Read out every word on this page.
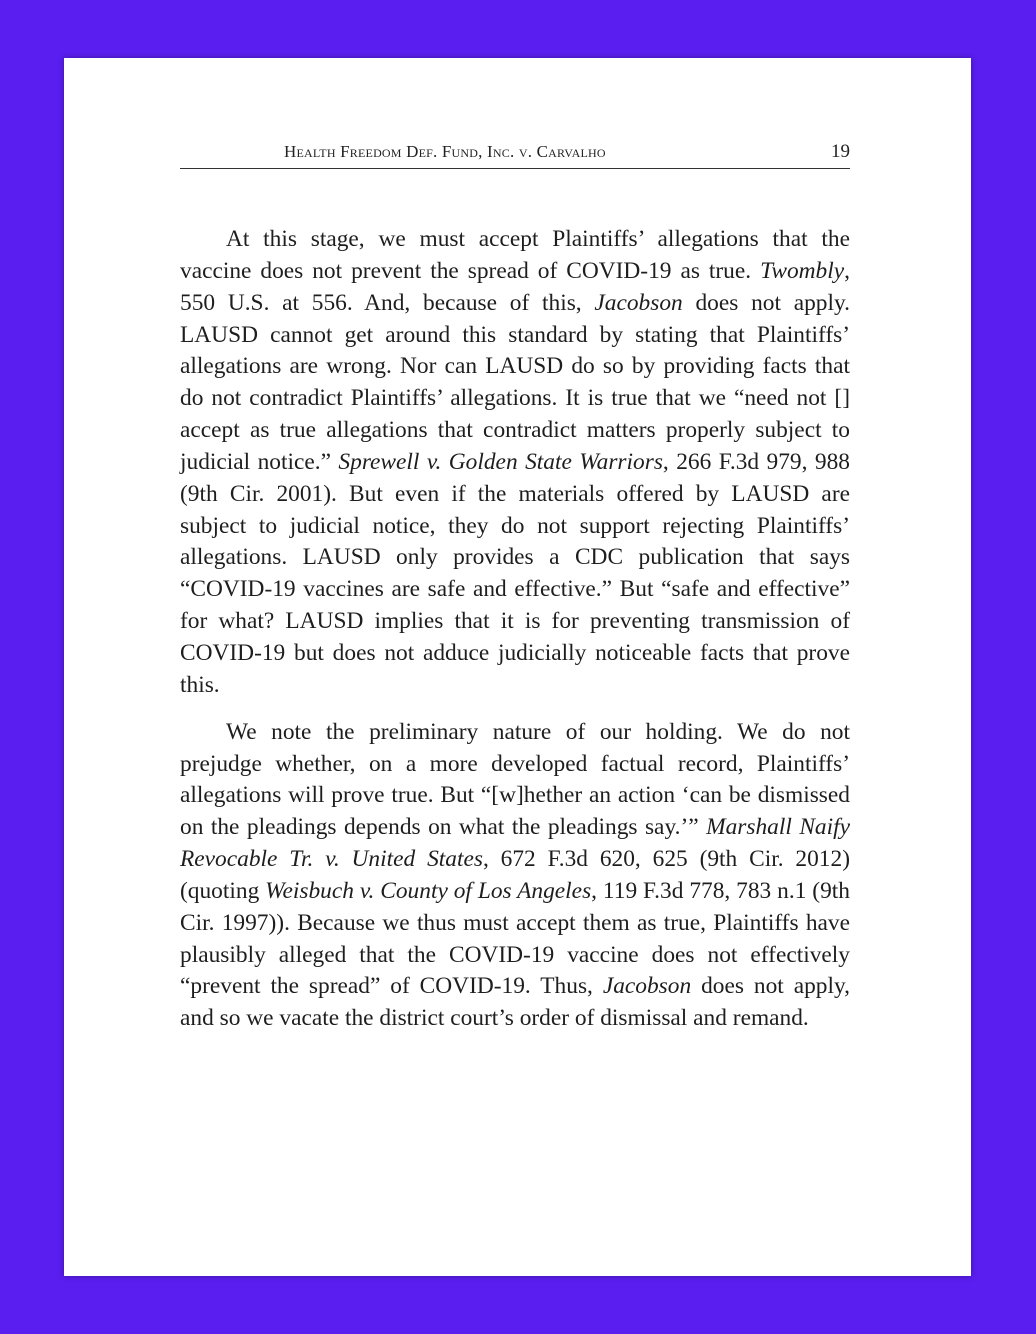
Health Freedom Def. Fund, Inc. v. Carvalho	19

At this stage, we must accept Plaintiffs’ allegations that the vaccine does not prevent the spread of COVID-19 as true. Twombly, 550 U.S. at 556. And, because of this, Jacobson does not apply. LAUSD cannot get around this standard by stating that Plaintiffs’ allegations are wrong. Nor can LAUSD do so by providing facts that do not contradict Plaintiffs’ allegations. It is true that we “need not [] accept as true allegations that contradict matters properly subject to judicial notice.” Sprewell v. Golden State Warriors, 266 F.3d 979, 988 (9th Cir. 2001). But even if the materials offered by LAUSD are subject to judicial notice, they do not support rejecting Plaintiffs’ allegations. LAUSD only provides a CDC publication that says “COVID-19 vaccines are safe and effective.” But “safe and effective” for what? LAUSD implies that it is for preventing transmission of COVID-19 but does not adduce judicially noticeable facts that prove this.

We note the preliminary nature of our holding. We do not prejudge whether, on a more developed factual record, Plaintiffs’ allegations will prove true. But “[w]hether an action ‘can be dismissed on the pleadings depends on what the pleadings say.’” Marshall Naify Revocable Tr. v. United States, 672 F.3d 620, 625 (9th Cir. 2012) (quoting Weisbuch v. County of Los Angeles, 119 F.3d 778, 783 n.1 (9th Cir. 1997)). Because we thus must accept them as true, Plaintiffs have plausibly alleged that the COVID-19 vaccine does not effectively “prevent the spread” of COVID-19. Thus, Jacobson does not apply, and so we vacate the district court’s order of dismissal and remand.
